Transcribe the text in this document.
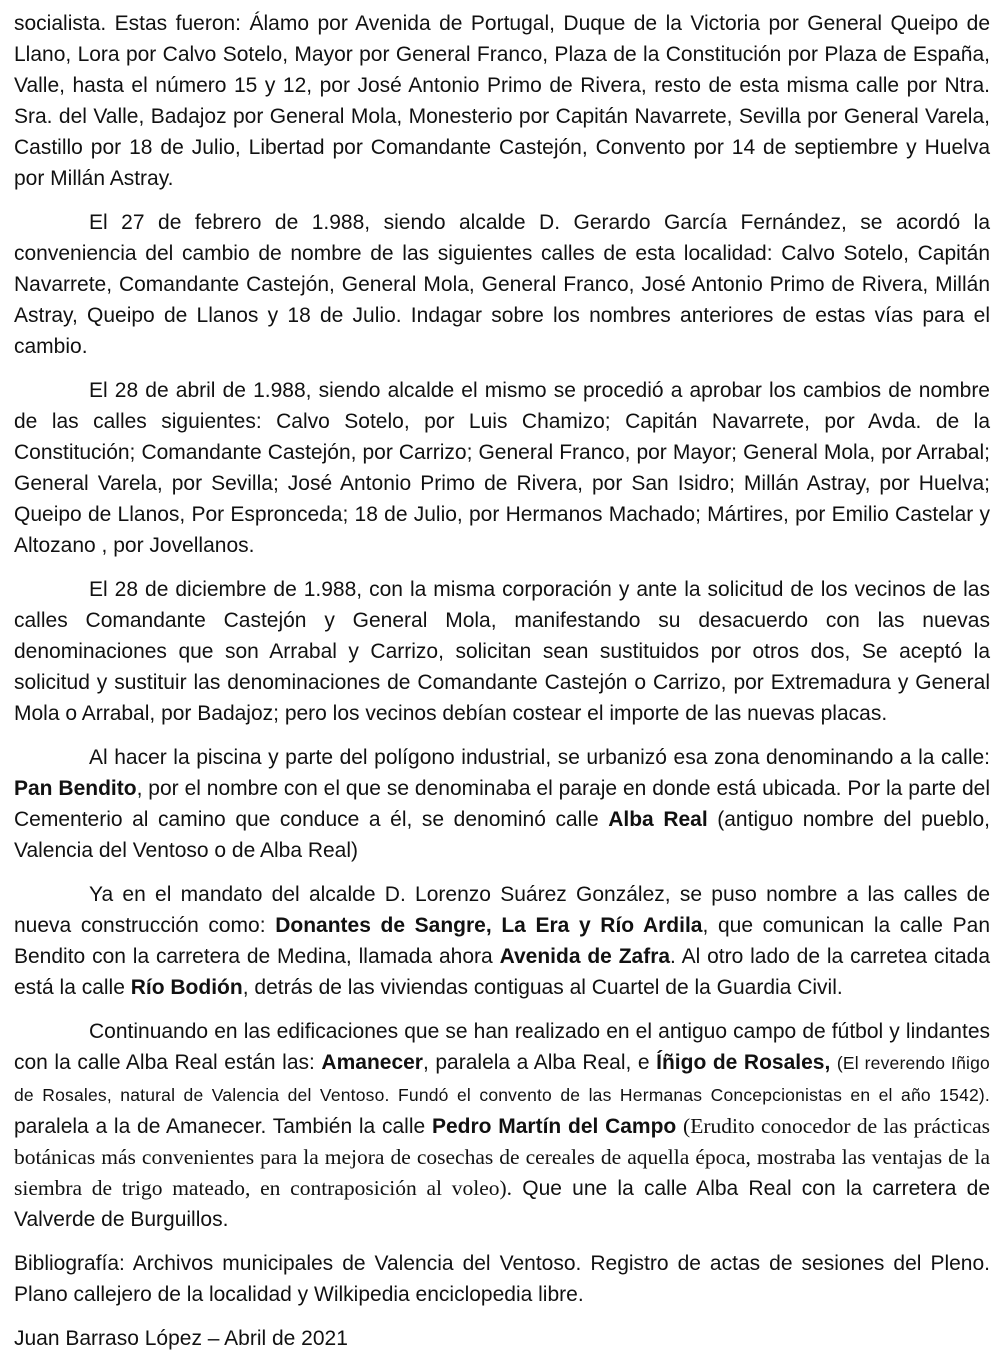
socialista. Estas fueron: Álamo por Avenida de Portugal, Duque de la Victoria por General Queipo de Llano, Lora por Calvo Sotelo, Mayor por General Franco, Plaza de la Constitución por Plaza de España, Valle, hasta el número 15 y 12, por José Antonio Primo de Rivera, resto de esta misma calle por Ntra. Sra. del Valle, Badajoz por General Mola, Monesterio por Capitán Navarrete, Sevilla por General Varela, Castillo por 18 de Julio, Libertad por Comandante Castejón, Convento por 14 de septiembre y Huelva por Millán Astray.

El 27 de febrero de 1.988, siendo alcalde D. Gerardo García Fernández, se acordó la conveniencia del cambio de nombre de las siguientes calles de esta localidad: Calvo Sotelo, Capitán Navarrete, Comandante Castejón, General Mola, General Franco, José Antonio Primo de Rivera, Millán Astray, Queipo de Llanos y 18 de Julio. Indagar sobre los nombres anteriores de estas vías para el cambio.

El 28 de abril de 1.988, siendo alcalde el mismo se procedió a aprobar los cambios de nombre de las calles siguientes: Calvo Sotelo, por Luis Chamizo; Capitán Navarrete, por Avda. de la Constitución; Comandante Castejón, por Carrizo; General Franco, por Mayor; General Mola, por Arrabal; General Varela, por Sevilla; José Antonio Primo de Rivera, por San Isidro; Millán Astray, por Huelva; Queipo de Llanos, Por Espronceda; 18 de Julio, por Hermanos Machado; Mártires, por Emilio Castelar y Altozano , por Jovellanos.

El 28 de diciembre de 1.988, con la misma corporación y ante la solicitud de los vecinos de las calles Comandante Castejón y General Mola, manifestando su desacuerdo con las nuevas denominaciones que son Arrabal y Carrizo, solicitan sean sustituidos por otros dos, Se aceptó la solicitud y sustituir las denominaciones de Comandante Castejón o Carrizo, por Extremadura y General Mola o Arrabal, por Badajoz; pero los vecinos debían costear el importe de las nuevas placas.

Al hacer la piscina y parte del polígono industrial, se urbanizó esa zona denominando a la calle: Pan Bendito, por el nombre con el que se denominaba el paraje en donde está ubicada. Por la parte del Cementerio al camino que conduce a él, se denominó calle Alba Real (antiguo nombre del pueblo, Valencia del Ventoso o de Alba Real)

Ya en el mandato del alcalde D. Lorenzo Suárez González, se puso nombre a las calles de nueva construcción como: Donantes de Sangre, La Era y Río Ardila, que comunican la calle Pan Bendito con la carretera de Medina, llamada ahora Avenida de Zafra. Al otro lado de la carretea citada está la calle Río Bodión, detrás de las viviendas contiguas al Cuartel de la Guardia Civil.

Continuando en las edificaciones que se han realizado en el antiguo campo de fútbol y lindantes con la calle Alba Real están las: Amanecer, paralela a Alba Real, e Íñigo de Rosales, (El reverendo Iñigo de Rosales, natural de Valencia del Ventoso. Fundó el convento de las Hermanas Concepcionistas en el año 1542). paralela a la de Amanecer. También la calle Pedro Martín del Campo (Erudito conocedor de las prácticas botánicas más convenientes para la mejora de cosechas de cereales de aquella época, mostraba las ventajas de la siembra de trigo mateado, en contraposición al voleo). Que une la calle Alba Real con la carretera de Valverde de Burguillos.

Bibliografía: Archivos municipales de Valencia del Ventoso. Registro de actas de sesiones del Pleno. Plano callejero de la localidad y Wilkipedia enciclopedia libre.

Juan Barraso López – Abril de 2021
